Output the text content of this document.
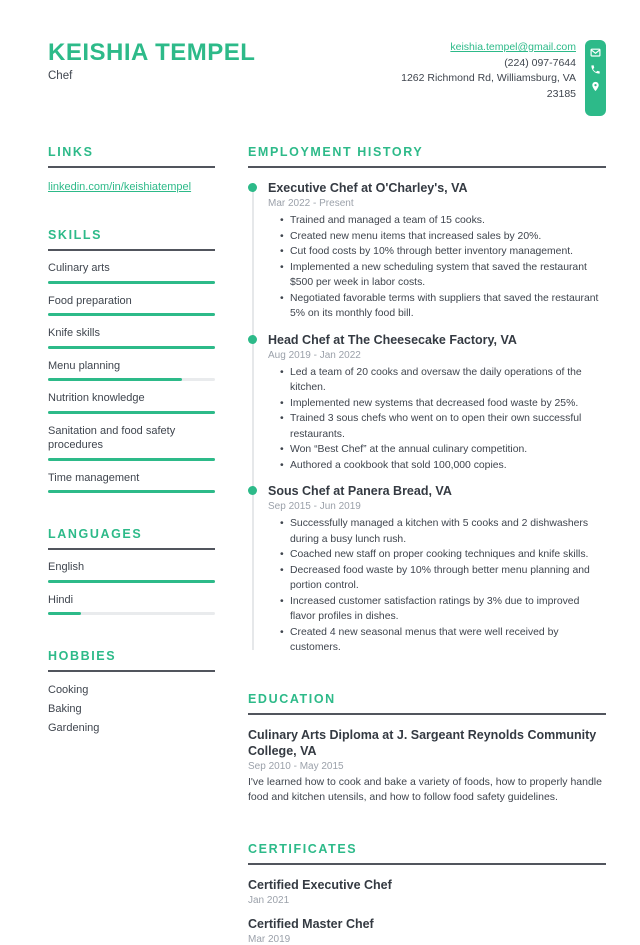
KEISHIA TEMPEL
Chef
keishia.tempel@gmail.com
(224) 097-7644
1262 Richmond Rd, Williamsburg, VA
23185
LINKS
linkedin.com/in/keishiatempel
SKILLS
Culinary arts
Food preparation
Knife skills
Menu planning
Nutrition knowledge
Sanitation and food safety procedures
Time management
LANGUAGES
English
Hindi
HOBBIES
Cooking
Baking
Gardening
EMPLOYMENT HISTORY
Executive Chef at O'Charley's, VA
Mar 2022 - Present
• Trained and managed a team of 15 cooks.
• Created new menu items that increased sales by 20%.
• Cut food costs by 10% through better inventory management.
• Implemented a new scheduling system that saved the restaurant $500 per week in labor costs.
• Negotiated favorable terms with suppliers that saved the restaurant 5% on its monthly food bill.
Head Chef at The Cheesecake Factory, VA
Aug 2019 - Jan 2022
• Led a team of 20 cooks and oversaw the daily operations of the kitchen.
• Implemented new systems that decreased food waste by 25%.
• Trained 3 sous chefs who went on to open their own successful restaurants.
• Won “Best Chef” at the annual culinary competition.
• Authored a cookbook that sold 100,000 copies.
Sous Chef at Panera Bread, VA
Sep 2015 - Jun 2019
• Successfully managed a kitchen with 5 cooks and 2 dishwashers during a busy lunch rush.
• Coached new staff on proper cooking techniques and knife skills.
• Decreased food waste by 10% through better menu planning and portion control.
• Increased customer satisfaction ratings by 3% due to improved flavor profiles in dishes.
• Created 4 new seasonal menus that were well received by customers.
EDUCATION
Culinary Arts Diploma at J. Sargeant Reynolds Community College, VA
Sep 2010 - May 2015
I've learned how to cook and bake a variety of foods, how to properly handle food and kitchen utensils, and how to follow food safety guidelines.
CERTIFICATES
Certified Executive Chef
Jan 2021
Certified Master Chef
Mar 2019
